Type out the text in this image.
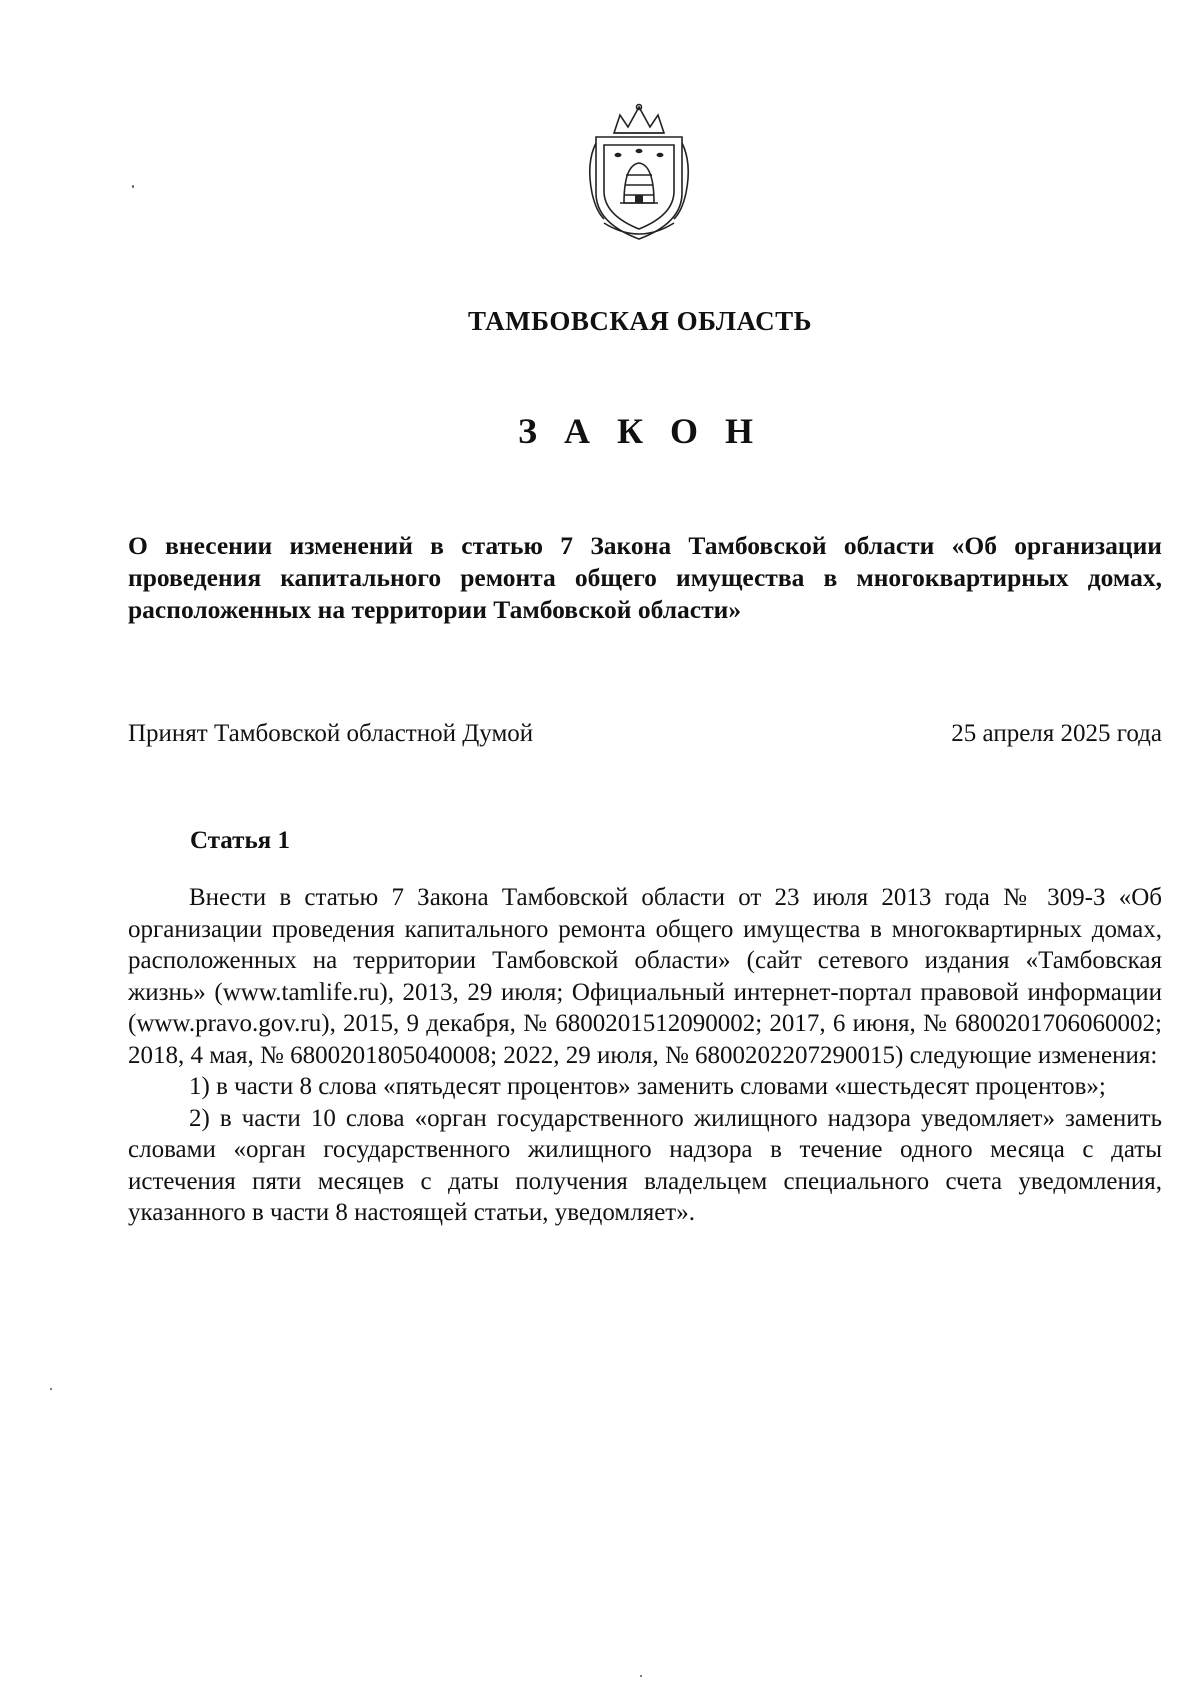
ТАМБОВСКАЯ ОБЛАСТЬ
З А К О Н
О внесении изменений в статью 7 Закона Тамбовской области «Об организации проведения капитального ремонта общего имущества в многоквартирных домах, расположенных на территории Тамбовской области»
Принят Тамбовской областной Думой	25 апреля 2025 года
Статья 1

Внести в статью 7 Закона Тамбовской области от 23 июля 2013 года № 309-З «Об организации проведения капитального ремонта общего имущества в многоквартирных домах, расположенных на территории Тамбовской области» (сайт сетевого издания «Тамбовская жизнь» (www.tamlife.ru), 2013, 29 июля; Официальный интернет-портал правовой информации (www.pravo.gov.ru), 2015, 9 декабря, № 6800201512090002; 2017, 6 июня, № 6800201706060002; 2018, 4 мая, № 6800201805040008; 2022, 29 июля, № 6800202207290015) следующие изменения:

1) в части 8 слова «пятьдесят процентов» заменить словами «шестьдесят процентов»;

2) в части 10 слова «орган государственного жилищного надзора уведомляет» заменить словами «орган государственного жилищного надзора в течение одного месяца с даты истечения пяти месяцев с даты получения владельцем специального счета уведомления, указанного в части 8 настоящей статьи, уведомляет».
